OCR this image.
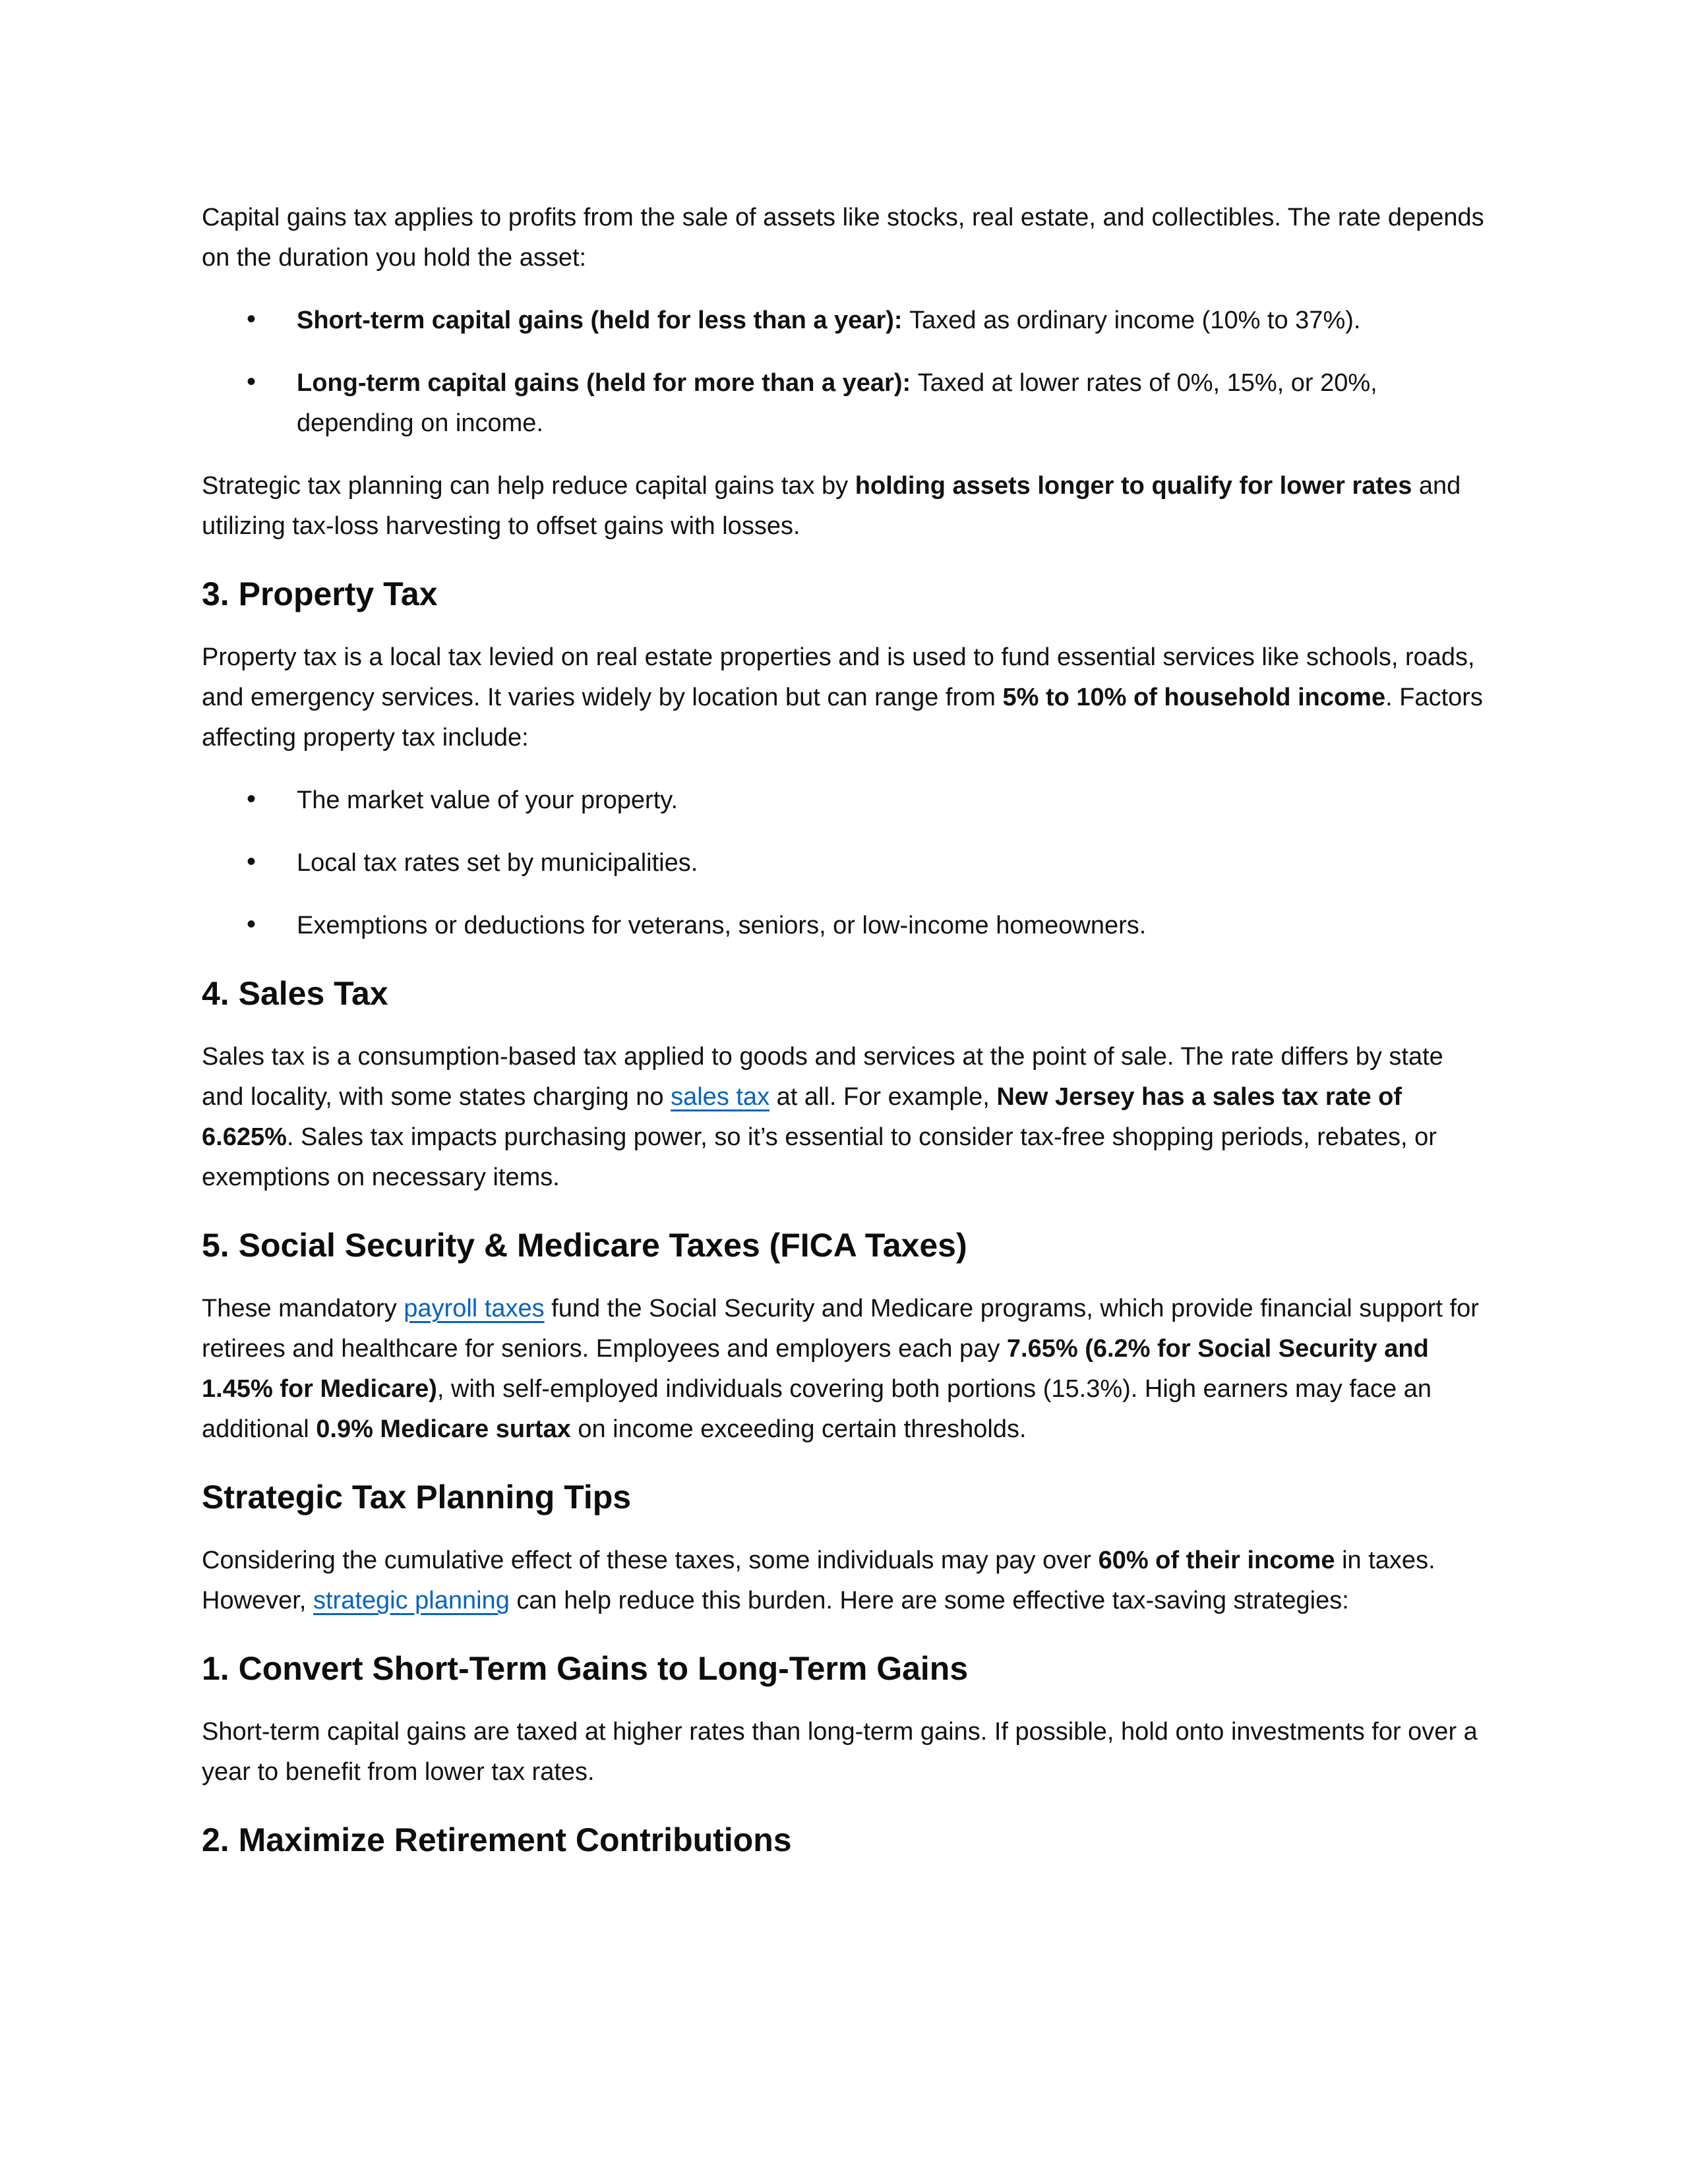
Capital gains tax applies to profits from the sale of assets like stocks, real estate, and collectibles. The rate depends on the duration you hold the asset:

• Short-term capital gains (held for less than a year): Taxed as ordinary income (10% to 37%).
• Long-term capital gains (held for more than a year): Taxed at lower rates of 0%, 15%, or 20%, depending on income.

Strategic tax planning can help reduce capital gains tax by holding assets longer to qualify for lower rates and utilizing tax-loss harvesting to offset gains with losses.

3. Property Tax

Property tax is a local tax levied on real estate properties and is used to fund essential services like schools, roads, and emergency services. It varies widely by location but can range from 5% to 10% of household income. Factors affecting property tax include:

• The market value of your property.
• Local tax rates set by municipalities.
• Exemptions or deductions for veterans, seniors, or low-income homeowners.
4. Sales Tax

Sales tax is a consumption-based tax applied to goods and services at the point of sale. The rate differs by state and locality, with some states charging no sales tax at all. For example, New Jersey has a sales tax rate of 6.625%. Sales tax impacts purchasing power, so it’s essential to consider tax-free shopping periods, rebates, or exemptions on necessary items.

5. Social Security & Medicare Taxes (FICA Taxes)

These mandatory payroll taxes fund the Social Security and Medicare programs, which provide financial support for retirees and healthcare for seniors. Employees and employers each pay 7.65% (6.2% for Social Security and 1.45% for Medicare), with self-employed individuals covering both portions (15.3%). High earners may face an additional 0.9% Medicare surtax on income exceeding certain thresholds.

Strategic Tax Planning Tips

Considering the cumulative effect of these taxes, some individuals may pay over 60% of their income in taxes. However, strategic planning can help reduce this burden. Here are some effective tax-saving strategies:

1. Convert Short-Term Gains to Long-Term Gains

Short-term capital gains are taxed at higher rates than long-term gains. If possible, hold onto investments for over a year to benefit from lower tax rates.

2. Maximize Retirement Contributions
